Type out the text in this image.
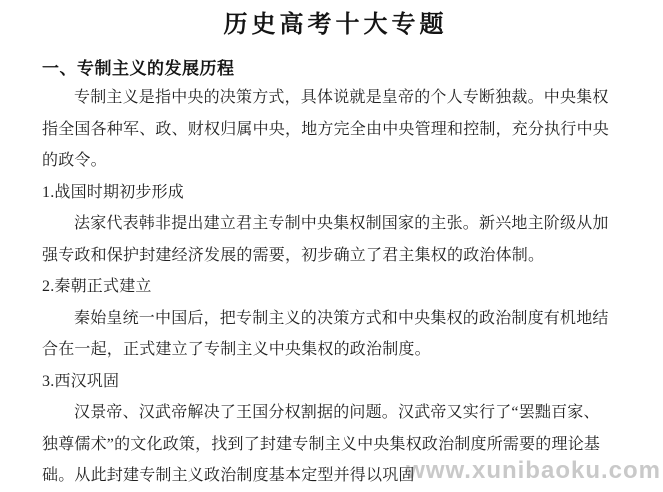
www.xunibaoku.com
历史高考十大专题
一、专制主义的发展历程
专制主义是指中央的决策方式，具体说就是皇帝的个人专断独裁。中央集权
指全国各种军、政、财权归属中央，地方完全由中央管理和控制，充分执行中央
的政令。
1.战国时期初步形成
法家代表韩非提出建立君主专制中央集权制国家的主张。新兴地主阶级从加
强专政和保护封建经济发展的需要，初步确立了君主集权的政治体制。
2.秦朝正式建立
秦始皇统一中国后，把专制主义的决策方式和中央集权的政治制度有机地结
合在一起，正式建立了专制主义中央集权的政治制度。
3.西汉巩固
汉景帝、汉武帝解决了王国分权割据的问题。汉武帝又实行了“罢黜百家、
独尊儒术”的文化政策，找到了封建专制主义中央集权政治制度所需要的理论基
础。从此封建专制主义政治制度基本定型并得以巩固
